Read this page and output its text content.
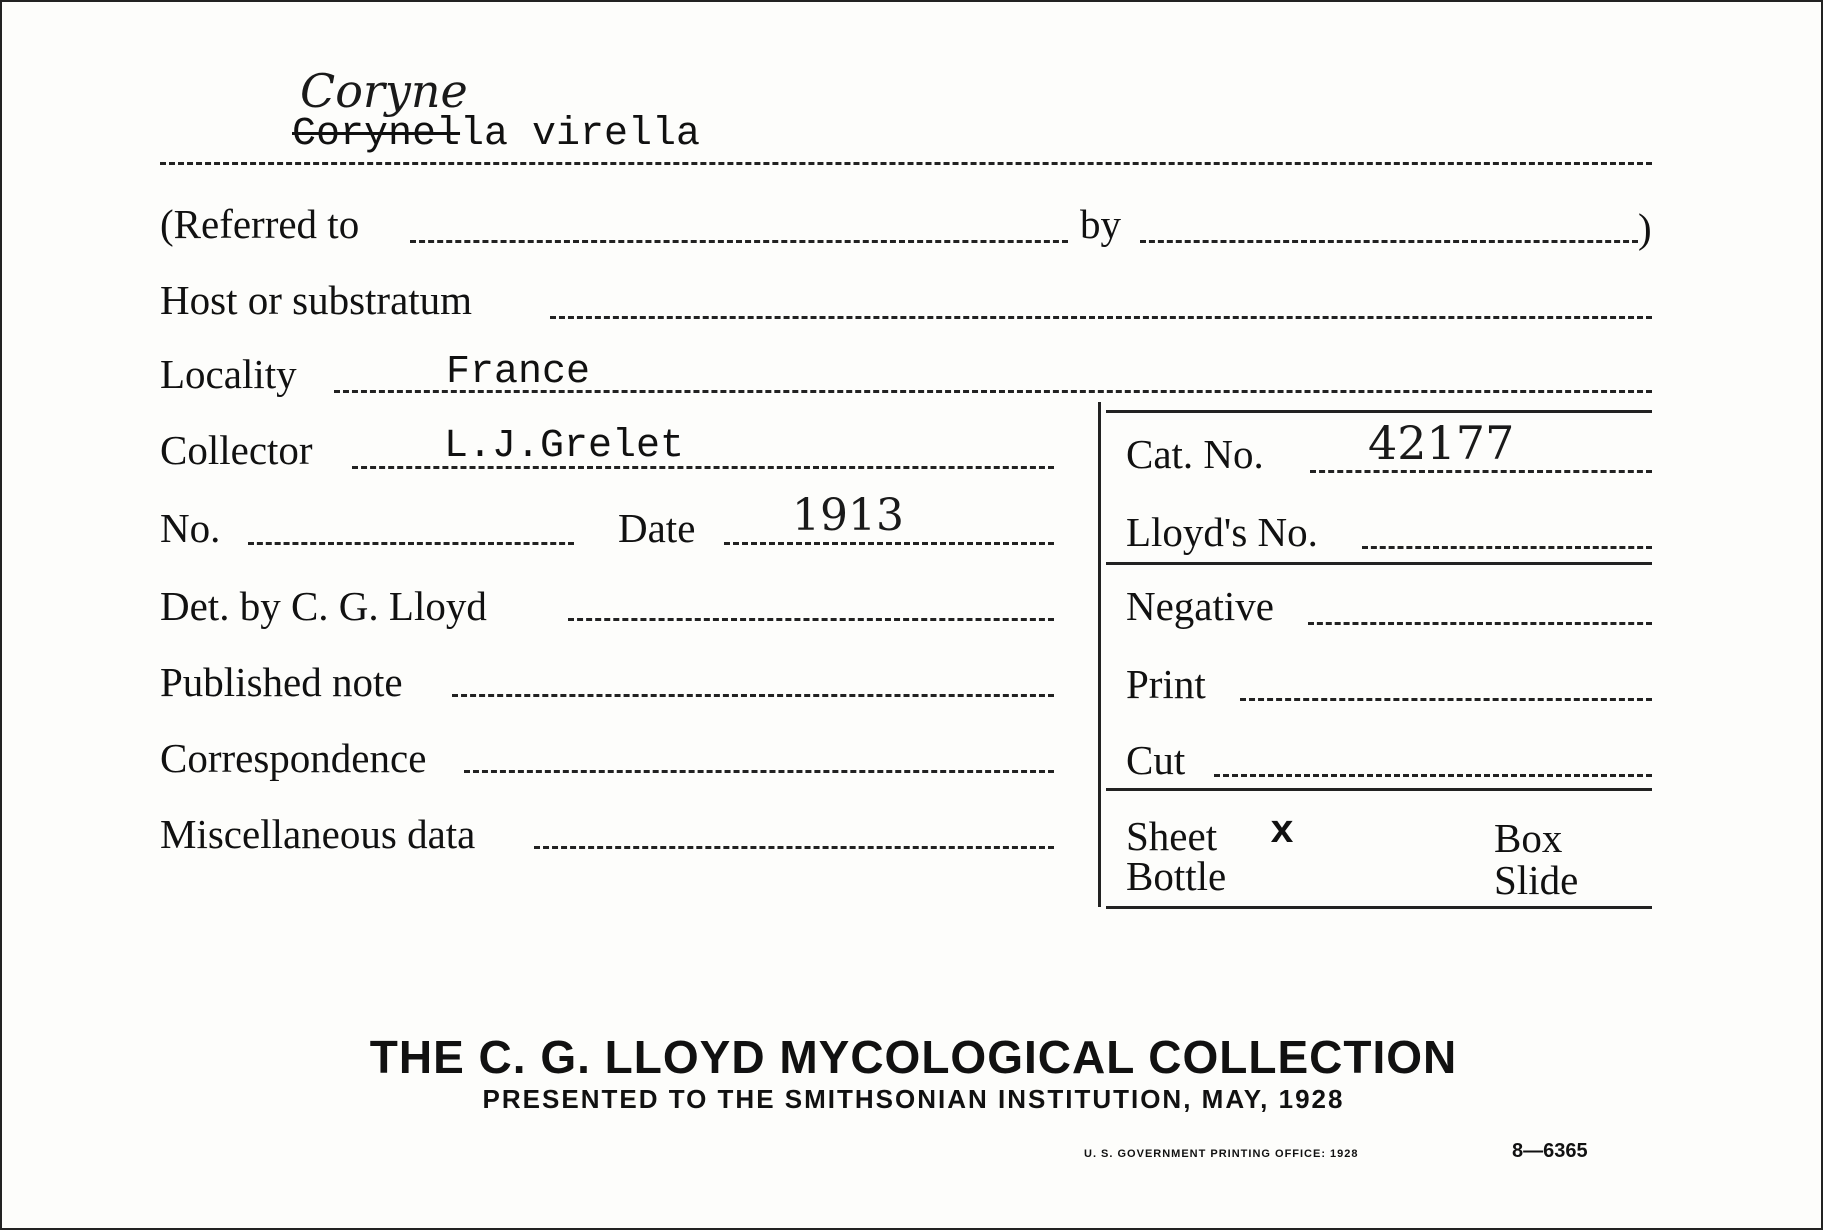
Coryne
Corynel la virella
(Referred to	by	)
Host or substratum
Locality	France
Collector	L.J.Grelet
No.	Date 1913
Det. by C. G. Lloyd
Published note
Correspondence
Miscellaneous data
Cat. No. 42177
Lloyd's No.
Negative
Print
Cut
Sheet x	Box
Bottle	Slide
THE C. G. LLOYD MYCOLOGICAL COLLECTION
PRESENTED TO THE SMITHSONIAN INSTITUTION, MAY, 1928
U. S. GOVERNMENT PRINTING OFFICE: 1928	8—6365
